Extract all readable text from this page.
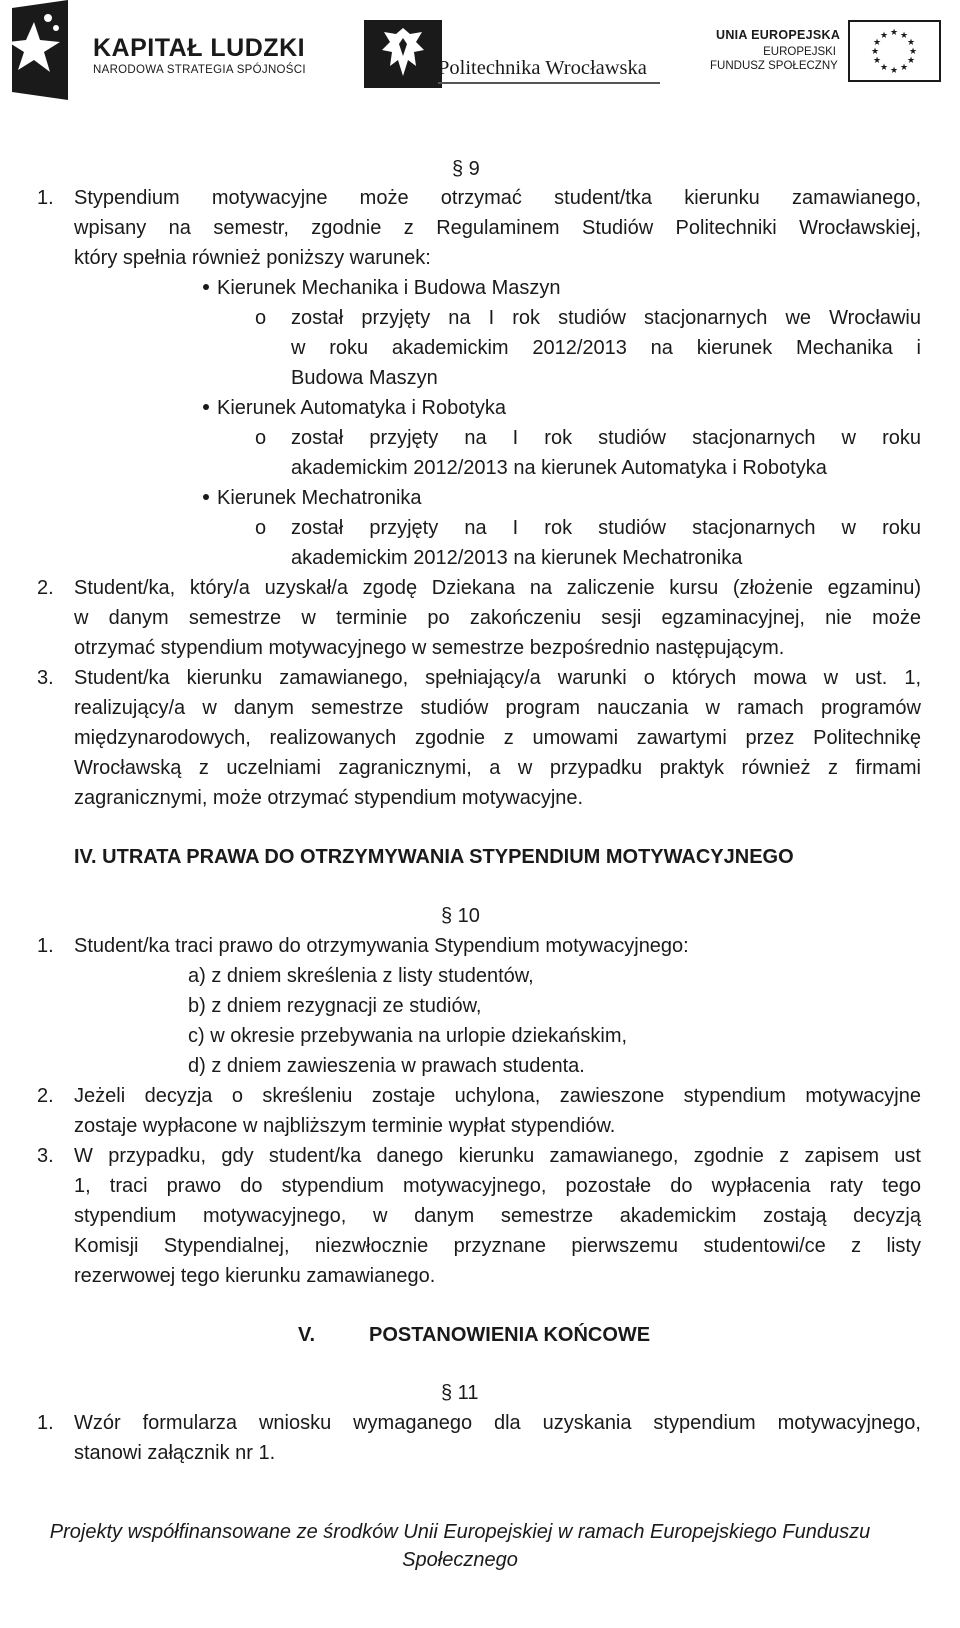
KAPITAŁ LUDZKI
NARODOWA STRATEGIA SPÓJNOŚCI	Politechnika Wrocławska
UNIA EUROPEJSKA
EUROPEJSKI
FUNDUSZ SPOŁECZNY
★ ★
★
★
★
★
★
★
★
★
★
★
§ 9
1. Stypendium motywacyjne może otrzymać student/tka kierunku zamawianego,
wpisany na semestr, zgodnie z Regulaminem Studiów Politechniki Wrocławskiej,
który spełnia również poniższy warunek:
Kierunek Mechanika i Budowa Maszyn
o został przyjęty na I rok studiów stacjonarnych we Wrocławiu
w roku akademickim 2012/2013 na kierunek Mechanika i
Budowa Maszyn
Kierunek Automatyka i Robotyka
o został przyjęty na I rok studiów stacjonarnych w roku
akademickim 2012/2013 na kierunek Automatyka i Robotyka
Kierunek Mechatronika
o został przyjęty na I rok studiów stacjonarnych w roku
akademickim 2012/2013 na kierunek Mechatronika
2. Student/ka, który/a uzyskał/a zgodę Dziekana na zaliczenie kursu (złożenie egzaminu)
w danym semestrze w terminie po zakończeniu sesji egzaminacyjnej, nie może
otrzymać stypendium motywacyjnego w semestrze bezpośrednio następującym.
3. Student/ka kierunku zamawianego, spełniający/a warunki o których mowa w ust. 1,
realizujący/a w danym semestrze studiów program nauczania w ramach programów
międzynarodowych, realizowanych zgodnie z umowami zawartymi przez Politechnikę
Wrocławską z uczelniami zagranicznymi, a w przypadku praktyk również z firmami
zagranicznymi, może otrzymać stypendium motywacyjne.
IV. UTRATA PRAWA DO OTRZYMYWANIA STYPENDIUM MOTYWACYJNEGO
§ 10
1. Student/ka traci prawo do otrzymywania Stypendium motywacyjnego:
a) z dniem skreślenia z listy studentów,
b) z dniem rezygnacji ze studiów,
c) w okresie przebywania na urlopie dziekańskim,
d) z dniem zawieszenia w prawach studenta.
2. Jeżeli decyzja o skreśleniu zostaje uchylona, zawieszone stypendium motywacyjne
zostaje wypłacone w najbliższym terminie wypłat stypendiów.
3. W przypadku, gdy student/ka danego kierunku zamawianego, zgodnie z zapisem ust
1, traci prawo do stypendium motywacyjnego, pozostałe do wypłacenia raty tego
stypendium motywacyjnego, w danym semestrze akademickim zostają decyzją
Komisji Stypendialnej, niezwłocznie przyznane pierwszemu studentowi/ce z listy
rezerwowej tego kierunku zamawianego.
V.	POSTANOWIENIA KOŃCOWE
§ 11
1. Wzór formularza wniosku wymaganego dla uzyskania stypendium motywacyjnego,
stanowi załącznik nr 1.
Projekty współfinansowane ze środków Unii Europejskiej w ramach Europejskiego Funduszu
Społecznego
